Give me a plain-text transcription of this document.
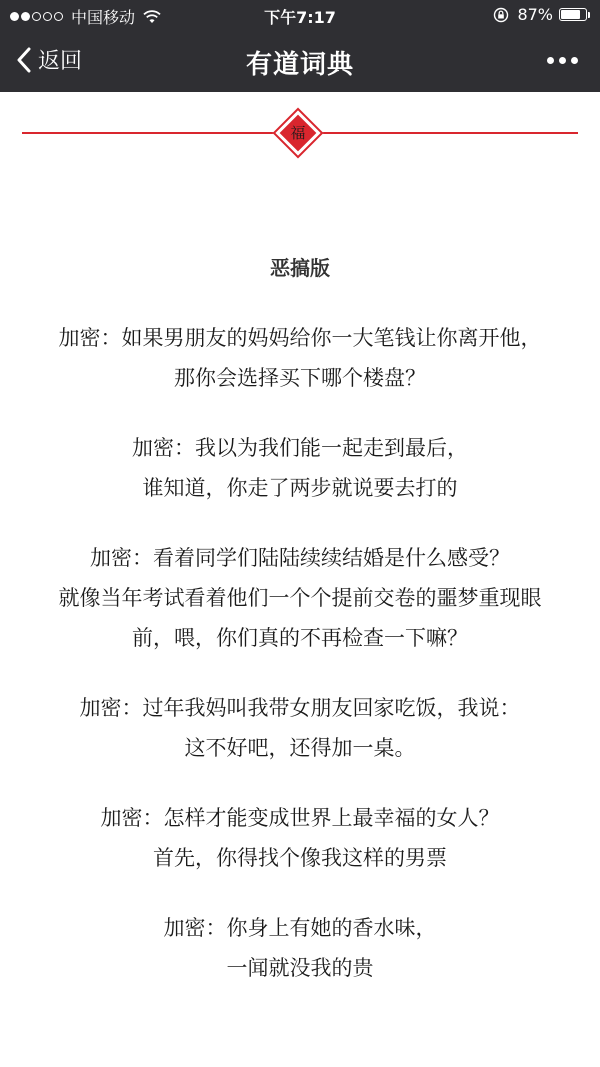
中国移动	下午7:17	87%
返回	有道词典
福
恶搞版
加密：如果男朋友的妈妈给你一大笔钱让你离开他，
那你会选择买下哪个楼盘？
加密：我以为我们能一起走到最后，
谁知道，你走了两步就说要去打的
加密：看着同学们陆陆续续结婚是什么感受？
就像当年考试看着他们一个个提前交卷的噩梦重现眼
前，喂，你们真的不再检查一下嘛？
加密：过年我妈叫我带女朋友回家吃饭，我说：
这不好吧，还得加一桌。
加密：怎样才能变成世界上最幸福的女人？
首先，你得找个像我这样的男票
加密：你身上有她的香水味，
一闻就没我的贵
